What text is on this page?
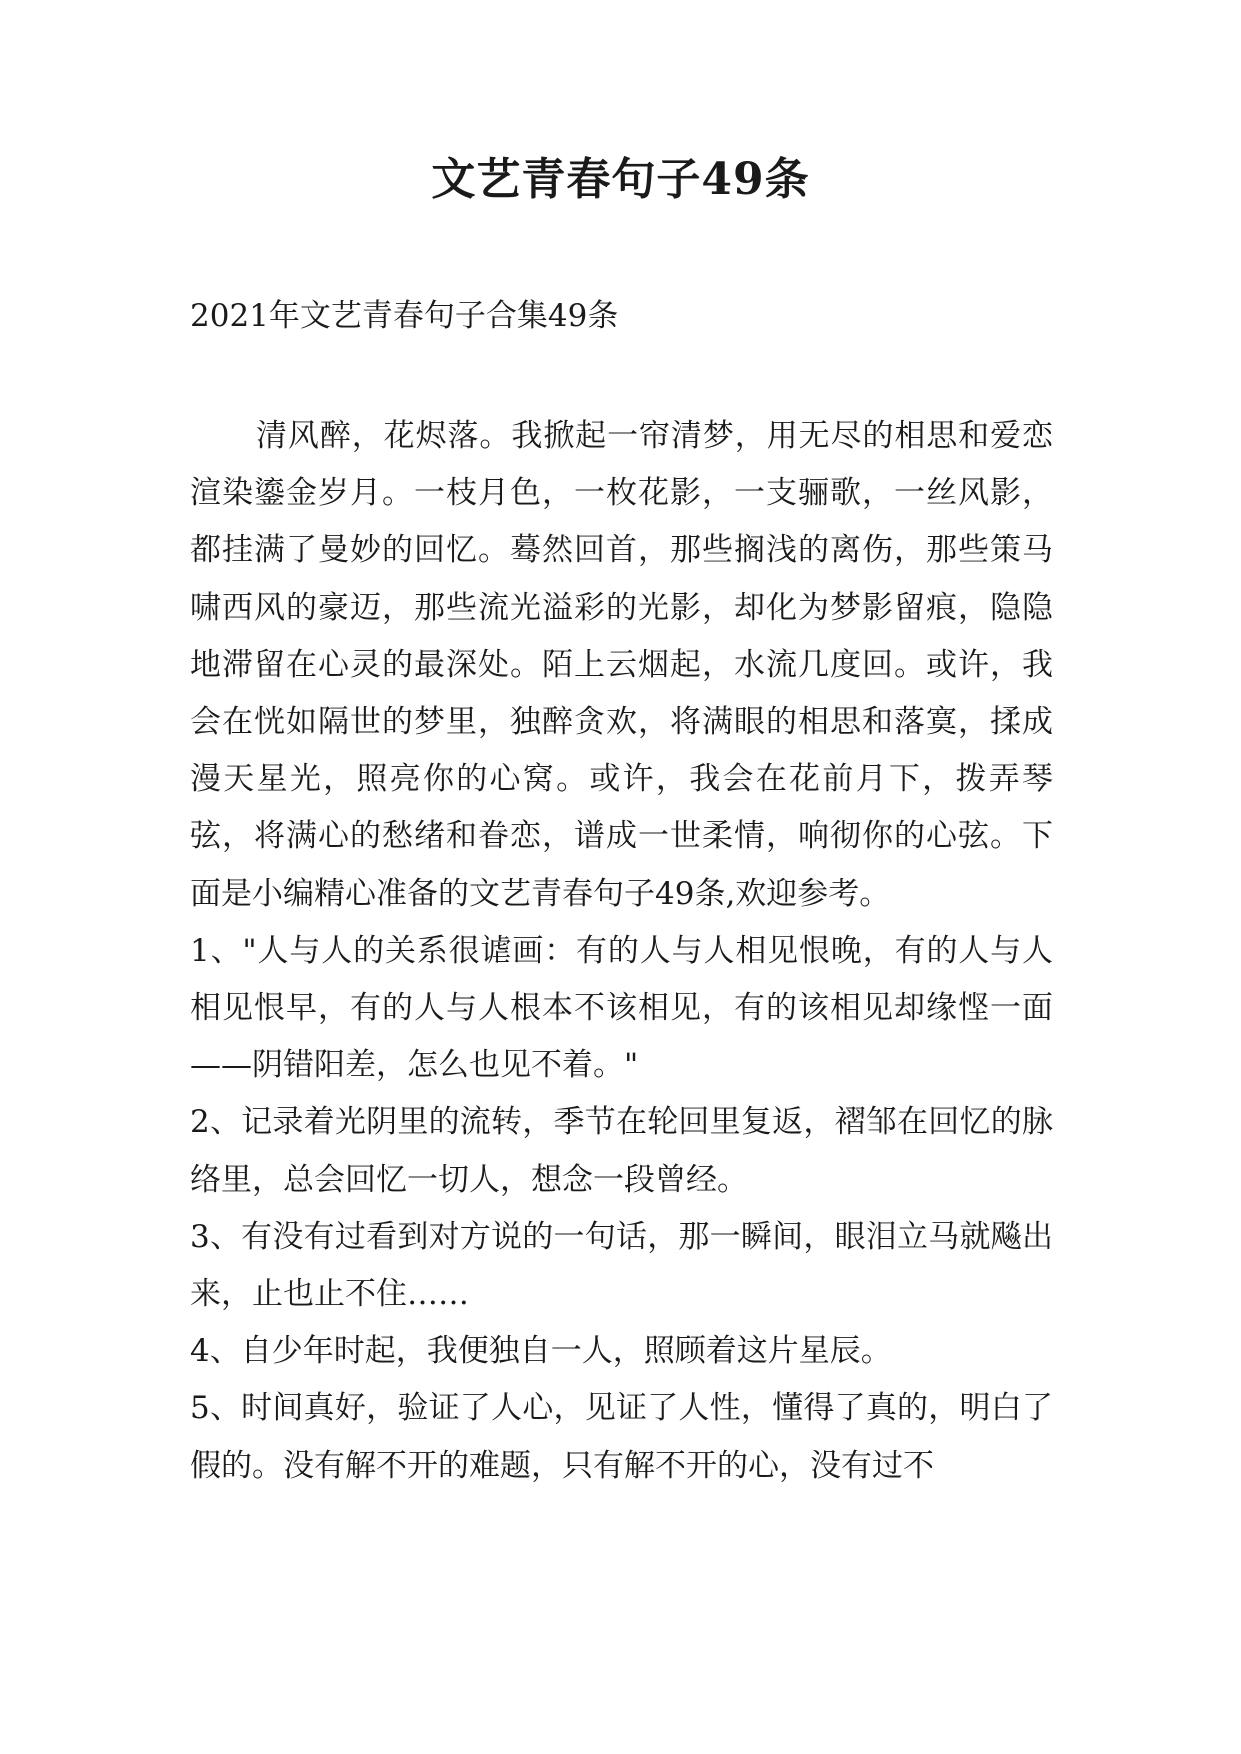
文艺青春句子49条
2021年文艺青春句子合集49条

清风醉，花烬落。我掀起一帘清梦，用无尽的相思和爱恋渲染鎏金岁月。一枝月色，一枚花影，一支骊歌，一丝风影，都挂满了曼妙的回忆。蓦然回首，那些搁浅的离伤，那些策马啸西风的豪迈，那些流光溢彩的光影，却化为梦影留痕，隐隐地滞留在心灵的最深处。陌上云烟起，水流几度回。或许，我会在恍如隔世的梦里，独醉贪欢，将满眼的相思和落寞，揉成漫天星光，照亮你的心窝。或许，我会在花前月下，拨弄琴弦，将满心的愁绪和眷恋，谱成一世柔情，响彻你的心弦。下面是小编精心准备的文艺青春句子49条,欢迎参考。

1、"人与人的关系很谑画：有的人与人相见恨晚，有的人与人相见恨早，有的人与人根本不该相见，有的该相见却缘悭一面——阴错阳差，怎么也见不着。"

2、记录着光阴里的流转，季节在轮回里复返，褶邹在回忆的脉络里，总会回忆一切人，想念一段曾经。

3、有没有过看到对方说的一句话，那一瞬间，眼泪立马就飚出来，止也止不住……

4、自少年时起，我便独自一人，照顾着这片星辰。

5、时间真好，验证了人心，见证了人性，懂得了真的，明白了假的。没有解不开的难题，只有解不开的心，没有过不
